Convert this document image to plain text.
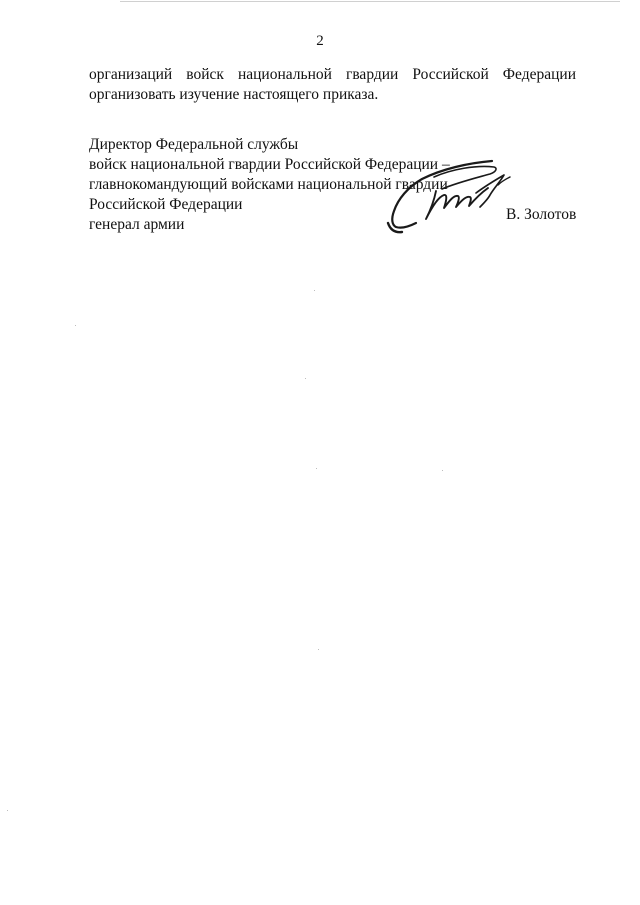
2
организаций войск национальной гвардии Российской Федерации
организовать изучение настоящего приказа.
Директор Федеральной службы
войск национальной гвардии Российской Федерации –
главнокомандующий войсками национальной гвардии
Российской Федерации
генерал армии
В. Золотов
